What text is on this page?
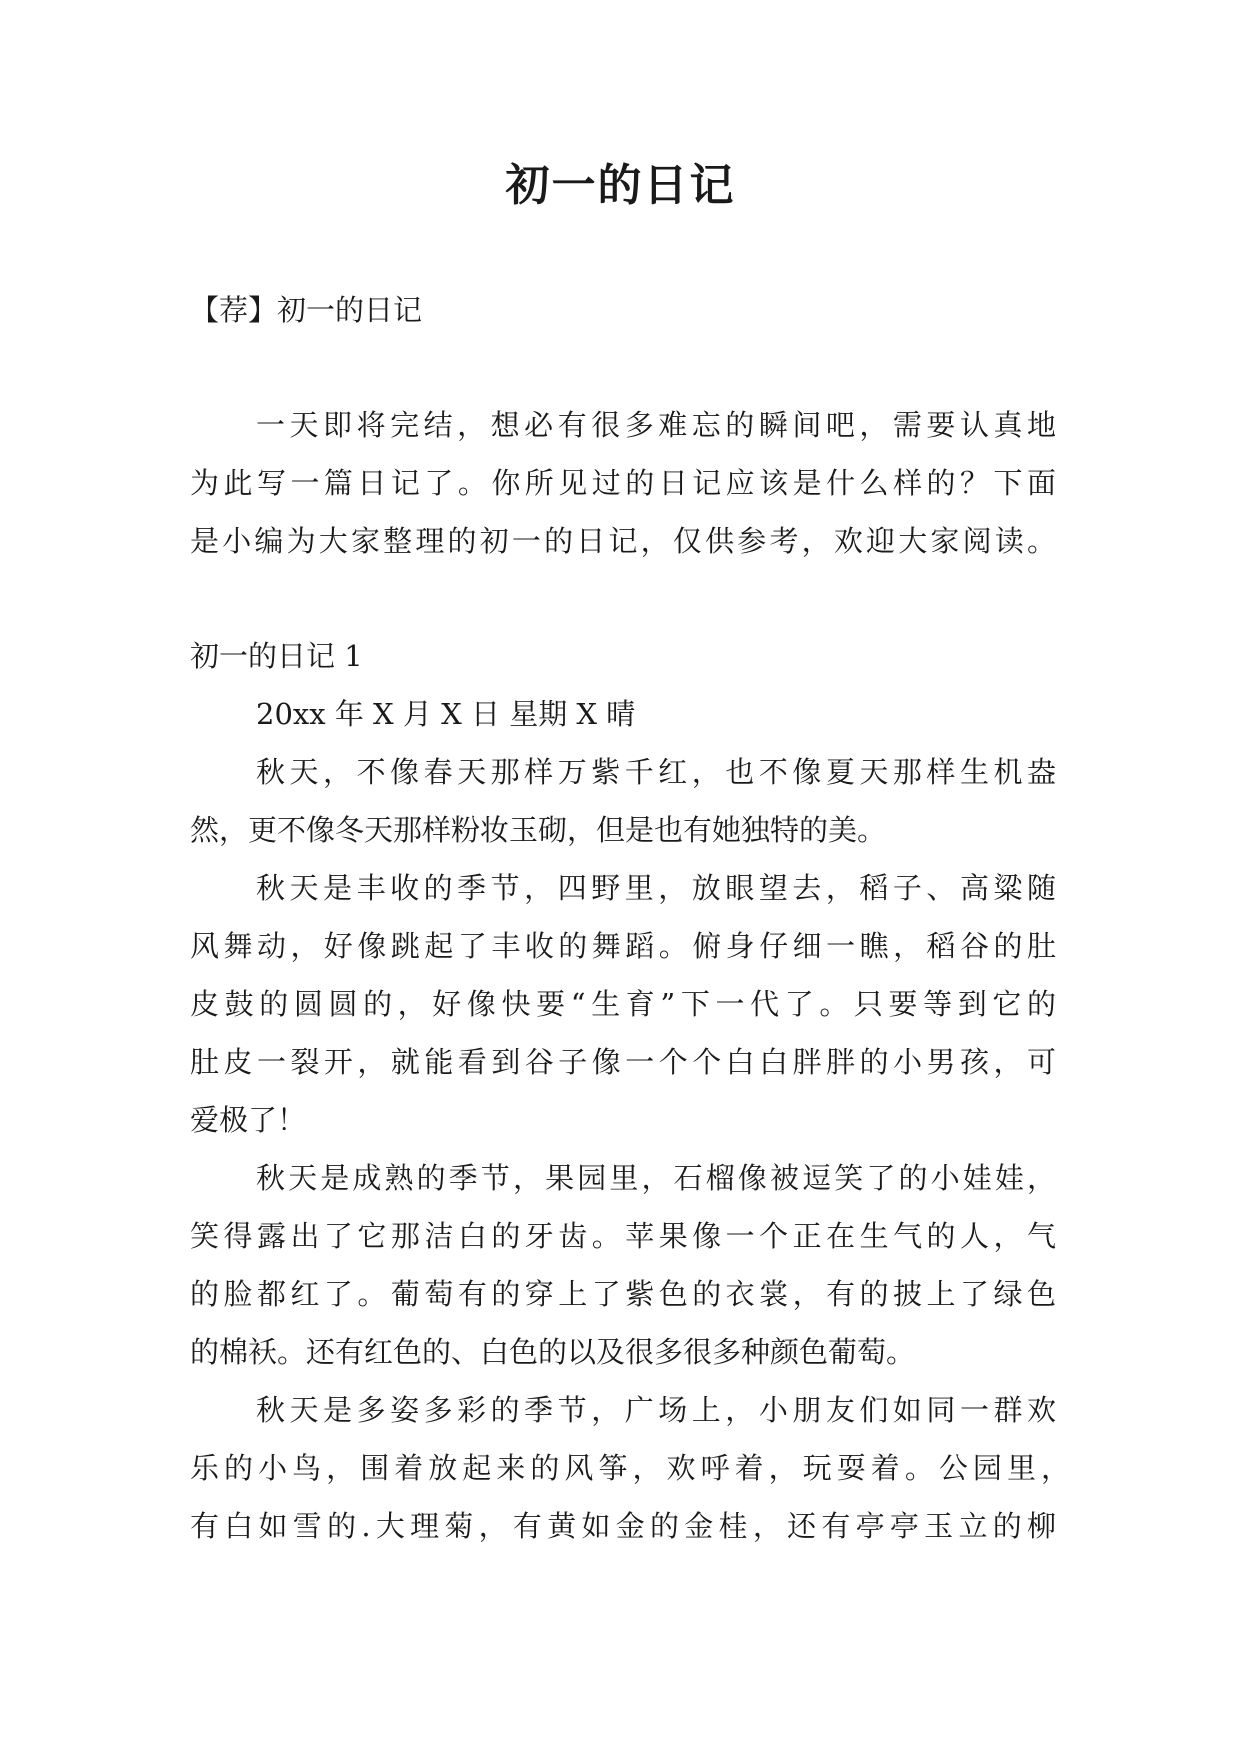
初一的日记
【荐】初一的日记
一天即将完结，想必有很多难忘的瞬间吧，需要认真地
为此写一篇日记了。你所见过的日记应该是什么样的？下面
是小编为大家整理的初一的日记，仅供参考，欢迎大家阅读。
初一的日记 1
20xx 年 X 月 X 日 星期 X 晴
秋天，不像春天那样万紫千红，也不像夏天那样生机盎
然，更不像冬天那样粉妆玉砌，但是也有她独特的美。
秋天是丰收的季节，四野里，放眼望去，稻子、高粱随
风舞动，好像跳起了丰收的舞蹈。俯身仔细一瞧，稻谷的肚
皮鼓的圆圆的，好像快要“生育”下一代了。只要等到它的
肚皮一裂开，就能看到谷子像一个个白白胖胖的小男孩，可
爱极了！
秋天是成熟的季节，果园里，石榴像被逗笑了的小娃娃，
笑得露出了它那洁白的牙齿。苹果像一个正在生气的人，气
的脸都红了。葡萄有的穿上了紫色的衣裳，有的披上了绿色
的棉袄。还有红色的、白色的以及很多很多种颜色葡萄。
秋天是多姿多彩的季节，广场上，小朋友们如同一群欢
乐的小鸟，围着放起来的风筝，欢呼着，玩耍着。公园里，
有白如雪的.大理菊，有黄如金的金桂，还有亭亭玉立的柳
